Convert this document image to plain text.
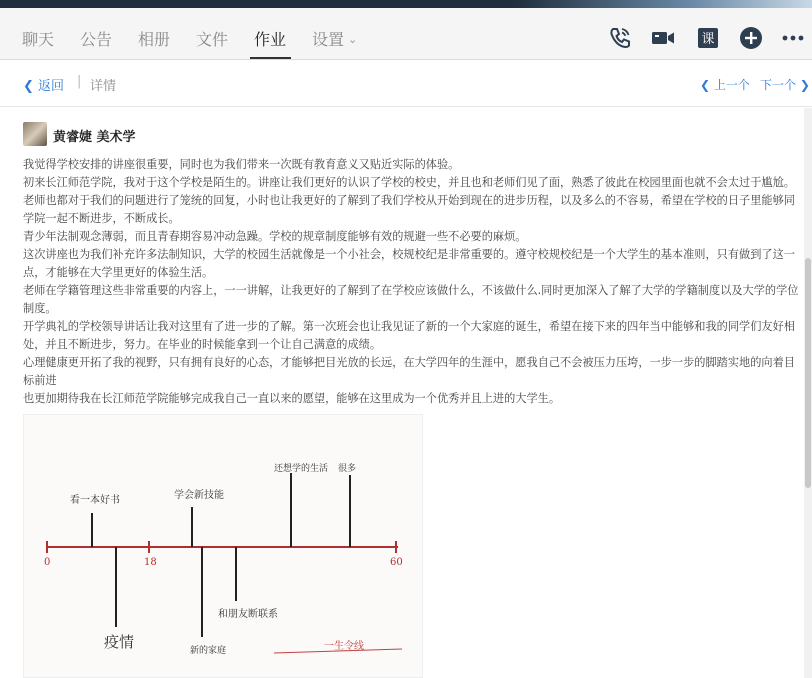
聊天 公告 相册 文件 作业 设置 ⌄	课
❮ 返回 | 详情	❮ 上一个 下一个 ❯
黄睿婕 美术学

我觉得学校安排的讲座很重要，同时也为我们带来一次既有教育意义又贴近实际的体验。

初来长江师范学院，我对于这个学校是陌生的。讲座让我们更好的认识了学校的校史，并且也和老师们见了面，熟悉了彼此在校园里面也就不会太过于尴尬。老师也都对于我们的问题进行了笼统的回复，小时也让我更好的了解到了我们学校从开始到现在的进步历程，以及多么的不容易，希望在学校的日子里能够同学院一起不断进步，不断成长。

青少年法制观念薄弱，而且青春期容易冲动急躁。学校的规章制度能够有效的规避一些不必要的麻烦。

这次讲座也为我们补充许多法制知识，大学的校园生活就像是一个小社会，校规校纪是非常重要的。遵守校规校纪是一个大学生的基本准则，只有做到了这一点，才能够在大学里更好的体验生活。

老师在学籍管理这些非常重要的内容上，一一讲解，让我更好的了解到了在学校应该做什么，不该做什么.同时更加深入了解了大学的学籍制度以及大学的学位制度。

开学典礼的学校领导讲话让我对这里有了进一步的了解。第一次班会也让我见证了新的一个大家庭的诞生，希望在接下来的四年当中能够和我的同学们友好相处，并且不断进步，努力。在毕业的时候能拿到一个让自己满意的成绩。

心理健康更开拓了我的视野，只有拥有良好的心态，才能够把目光放的长远，在大学四年的生涯中，愿我自己不会被压力压垮，一步一步的脚踏实地的向着目标前进

也更加期待我在长江师范学院能够完成我自己一直以来的愿望，能够在这里成为一个优秀并且上进的大学生。

0	18	60
看一本好书	学会新技能
还想学的生活 很多
疫情	新的家庭
和朋友断联系
一生令线
